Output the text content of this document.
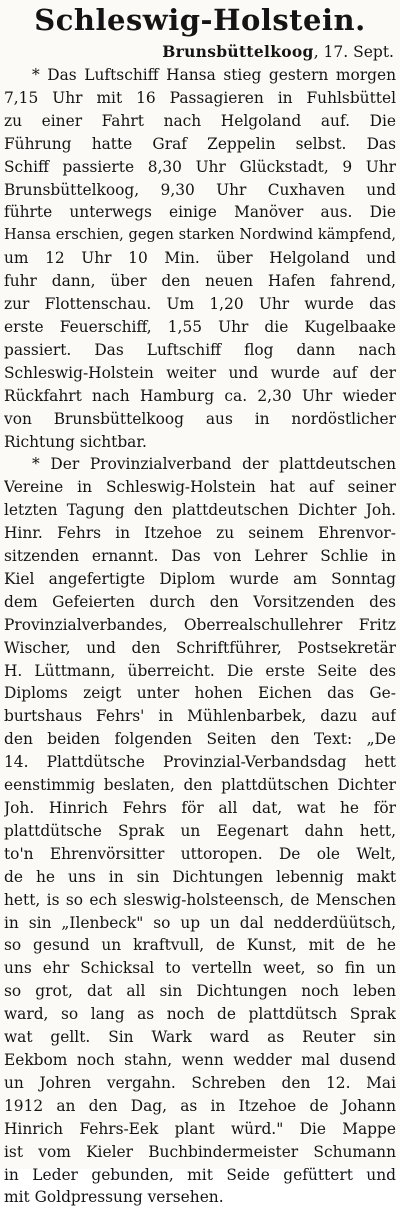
Schleswig-Holstein.
Brunsbüttelkoog, 17. Sept.
* Das Luftschiff Hansa stieg gestern morgen
7,15 Uhr mit 16 Passagieren in Fuhlsbüttel
zu einer Fahrt nach Helgoland auf. Die
Führung hatte Graf Zeppelin selbst. Das
Schiff passierte 8,30 Uhr Glückstadt, 9 Uhr
Brunsbüttelkoog, 9,30 Uhr Cuxhaven und
führte unterwegs einige Manöver aus. Die
Hansa erschien, gegen starken Nordwind kämpfend,
um 12 Uhr 10 Min. über Helgoland und
fuhr dann, über den neuen Hafen fahrend,
zur Flottenschau. Um 1,20 Uhr wurde das
erste Feuerschiff, 1,55 Uhr die Kugelbaake
passiert. Das Luftschiff flog dann nach
Schleswig-Holstein weiter und wurde auf der
Rückfahrt nach Hamburg ca. 2,30 Uhr wieder
von Brunsbüttelkoog aus in nordöstlicher
Richtung sichtbar.
* Der Provinzialverband der plattdeutschen
Vereine in Schleswig-Holstein hat auf seiner
letzten Tagung den plattdeutschen Dichter Joh.
Hinr. Fehrs in Itzehoe zu seinem Ehrenvor-
sitzenden ernannt. Das von Lehrer Schlie in
Kiel angefertigte Diplom wurde am Sonntag
dem Gefeierten durch den Vorsitzenden des
Provinzialverbandes, Oberrealschullehrer Fritz
Wischer, und den Schriftführer, Postsekretär
H. Lüttmann, überreicht. Die erste Seite des
Diploms zeigt unter hohen Eichen das Ge-
burtshaus Fehrs' in Mühlenbarbek, dazu auf
den beiden folgenden Seiten den Text: „De
14. Plattdütsche Provinzial-Verbandsdag hett
eenstimmig beslaten, den plattdütschen Dichter
Joh. Hinrich Fehrs för all dat, wat he för
plattdütsche Sprak un Eegenart dahn hett,
to'n Ehrenvörsitter uttoropen. De ole Welt,
de he uns in sin Dichtungen lebennig makt
hett, is so ech sleswig-holsteensch, de Menschen
in sin „Ilenbeck" so up un dal nedderdüütsch,
so gesund un kraftvull, de Kunst, mit de he
uns ehr Schicksal to vertelln weet, so fin un
so grot, dat all sin Dichtungen noch leben
ward, so lang as noch de plattdütsch Sprak
wat gellt. Sin Wark ward as Reuter sin
Eekbom noch stahn, wenn wedder mal dusend
un Johren vergahn. Schreben den 12. Mai
1912 an den Dag, as in Itzehoe de Johann
Hinrich Fehrs-Eek plant würd." Die Mappe
ist vom Kieler Buchbindermeister Schumann
in Leder gebunden, mit Seide gefüttert und
mit Goldpressung versehen.
